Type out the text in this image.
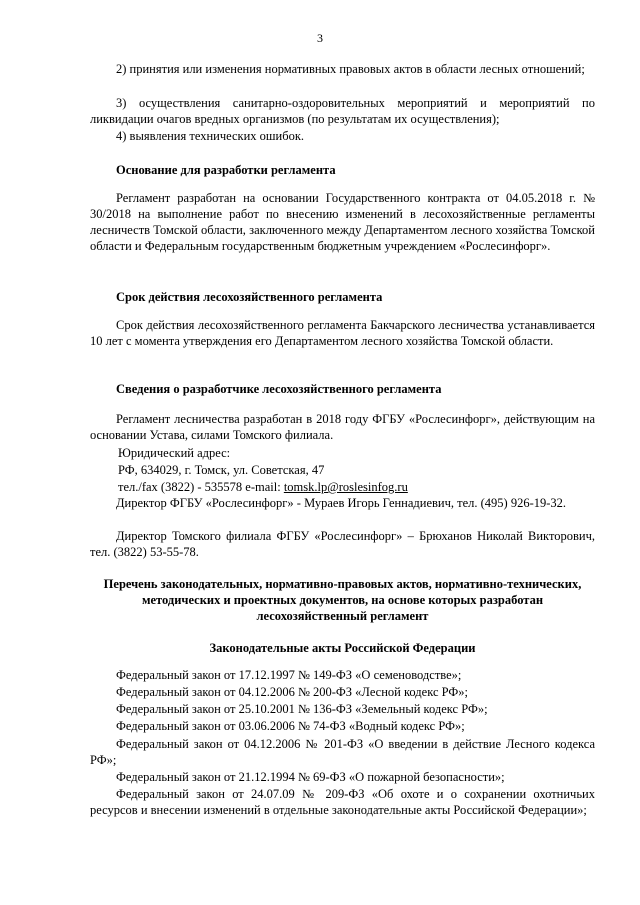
3
2) принятия или изменения нормативных правовых актов в области лесных отношений;
3) осуществления санитарно-оздоровительных мероприятий и мероприятий по ликвидации очагов вредных организмов (по результатам их осуществления);
4) выявления технических ошибок.
Основание для разработки регламента
Регламент разработан на основании Государственного контракта от 04.05.2018 г. № 30/2018 на выполнение работ по внесению изменений в лесохозяйственные регламенты лесничеств Томской области, заключенного между Департаментом лесного хозяйства Томской области и Федеральным государственным бюджетным учреждением «Рослесинфорг».
Срок действия лесохозяйственного регламента
Срок действия лесохозяйственного регламента Бакчарского лесничества устанавливается 10 лет с момента утверждения его Департаментом лесного хозяйства Томской области.
Сведения о разработчике лесохозяйственного регламента
Регламент лесничества разработан в 2018 году ФГБУ «Рослесинфорг», действующим на основании Устава, силами Томского филиала.
Юридический адрес:
РФ, 634029, г. Томск, ул. Советская, 47
тел./fax (3822) - 535578 e-mail: tomsk.lp@roslesinfog.ru
Директор ФГБУ «Рослесинфорг» - Мураев Игорь Геннадиевич, тел. (495) 926-19-32.
Директор Томского филиала ФГБУ «Рослесинфорг» – Брюханов Николай Викторович, тел. (3822) 53-55-78.
Перечень законодательных, нормативно-правовых актов, нормативно-технических, методических и проектных документов, на основе которых разработан лесохозяйственный регламент
Законодательные акты Российской Федерации
Федеральный закон от 17.12.1997 № 149-ФЗ «О семеноводстве»;
Федеральный закон от 04.12.2006 № 200-ФЗ «Лесной кодекс РФ»;
Федеральный закон от 25.10.2001 № 136-ФЗ «Земельный кодекс РФ»;
Федеральный закон от 03.06.2006 № 74-ФЗ «Водный кодекс РФ»;
Федеральный закон от 04.12.2006 № 201-ФЗ «О введении в действие Лесного кодекса РФ»;
Федеральный закон от 21.12.1994 № 69-ФЗ «О пожарной безопасности»;
Федеральный закон от 24.07.09 № 209-ФЗ «Об охоте и о сохранении охотничьих ресурсов и внесении изменений в отдельные законодательные акты Российской Федерации»;
